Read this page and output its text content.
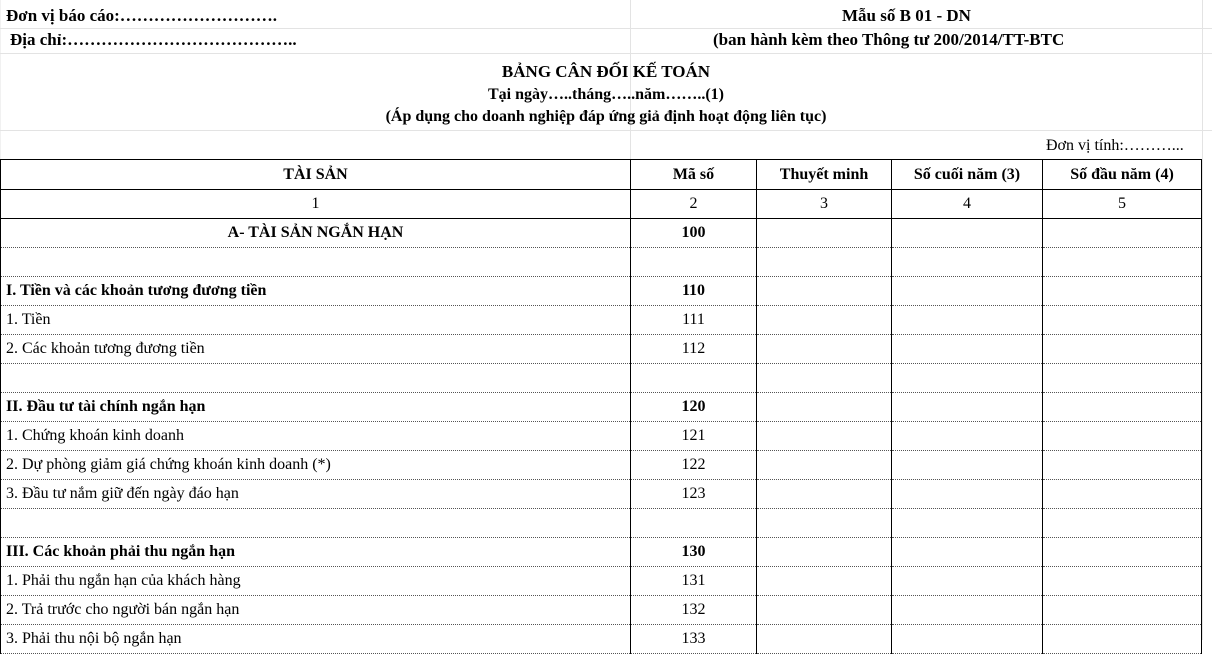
Đơn vị báo cáo:……………………….
Địa chỉ:…………………………………..
Mẫu số B 01 - DN
(ban hành kèm theo Thông tư 200/2014/TT-BTC
BẢNG CÂN ĐỐI KẾ TOÁN
Tại ngày…..tháng…..năm……..(1)
(Áp dụng cho doanh nghiệp đáp ứng giả định hoạt động liên tục)
Đơn vị tính:………...
TÀI SẢN	Mã số	Thuyết minh	Số cuối năm (3)	Số đầu năm (4)
1	2	3	4	5
A- TÀI SẢN NGẮN HẠN	100			

I. Tiền và các khoản tương đương tiền	110			
1. Tiền	111			
2. Các khoản tương đương tiền	112			

II. Đầu tư tài chính ngắn hạn	120			
1. Chứng khoán kinh doanh	121			
2. Dự phòng giảm giá chứng khoán kinh doanh (*)	122			
3. Đầu tư nắm giữ đến ngày đáo hạn	123			

III. Các khoản phải thu ngắn hạn	130			
1. Phải thu ngắn hạn của khách hàng	131			
2. Trả trước cho người bán ngắn hạn	132			
3. Phải thu nội bộ ngắn hạn	133			
